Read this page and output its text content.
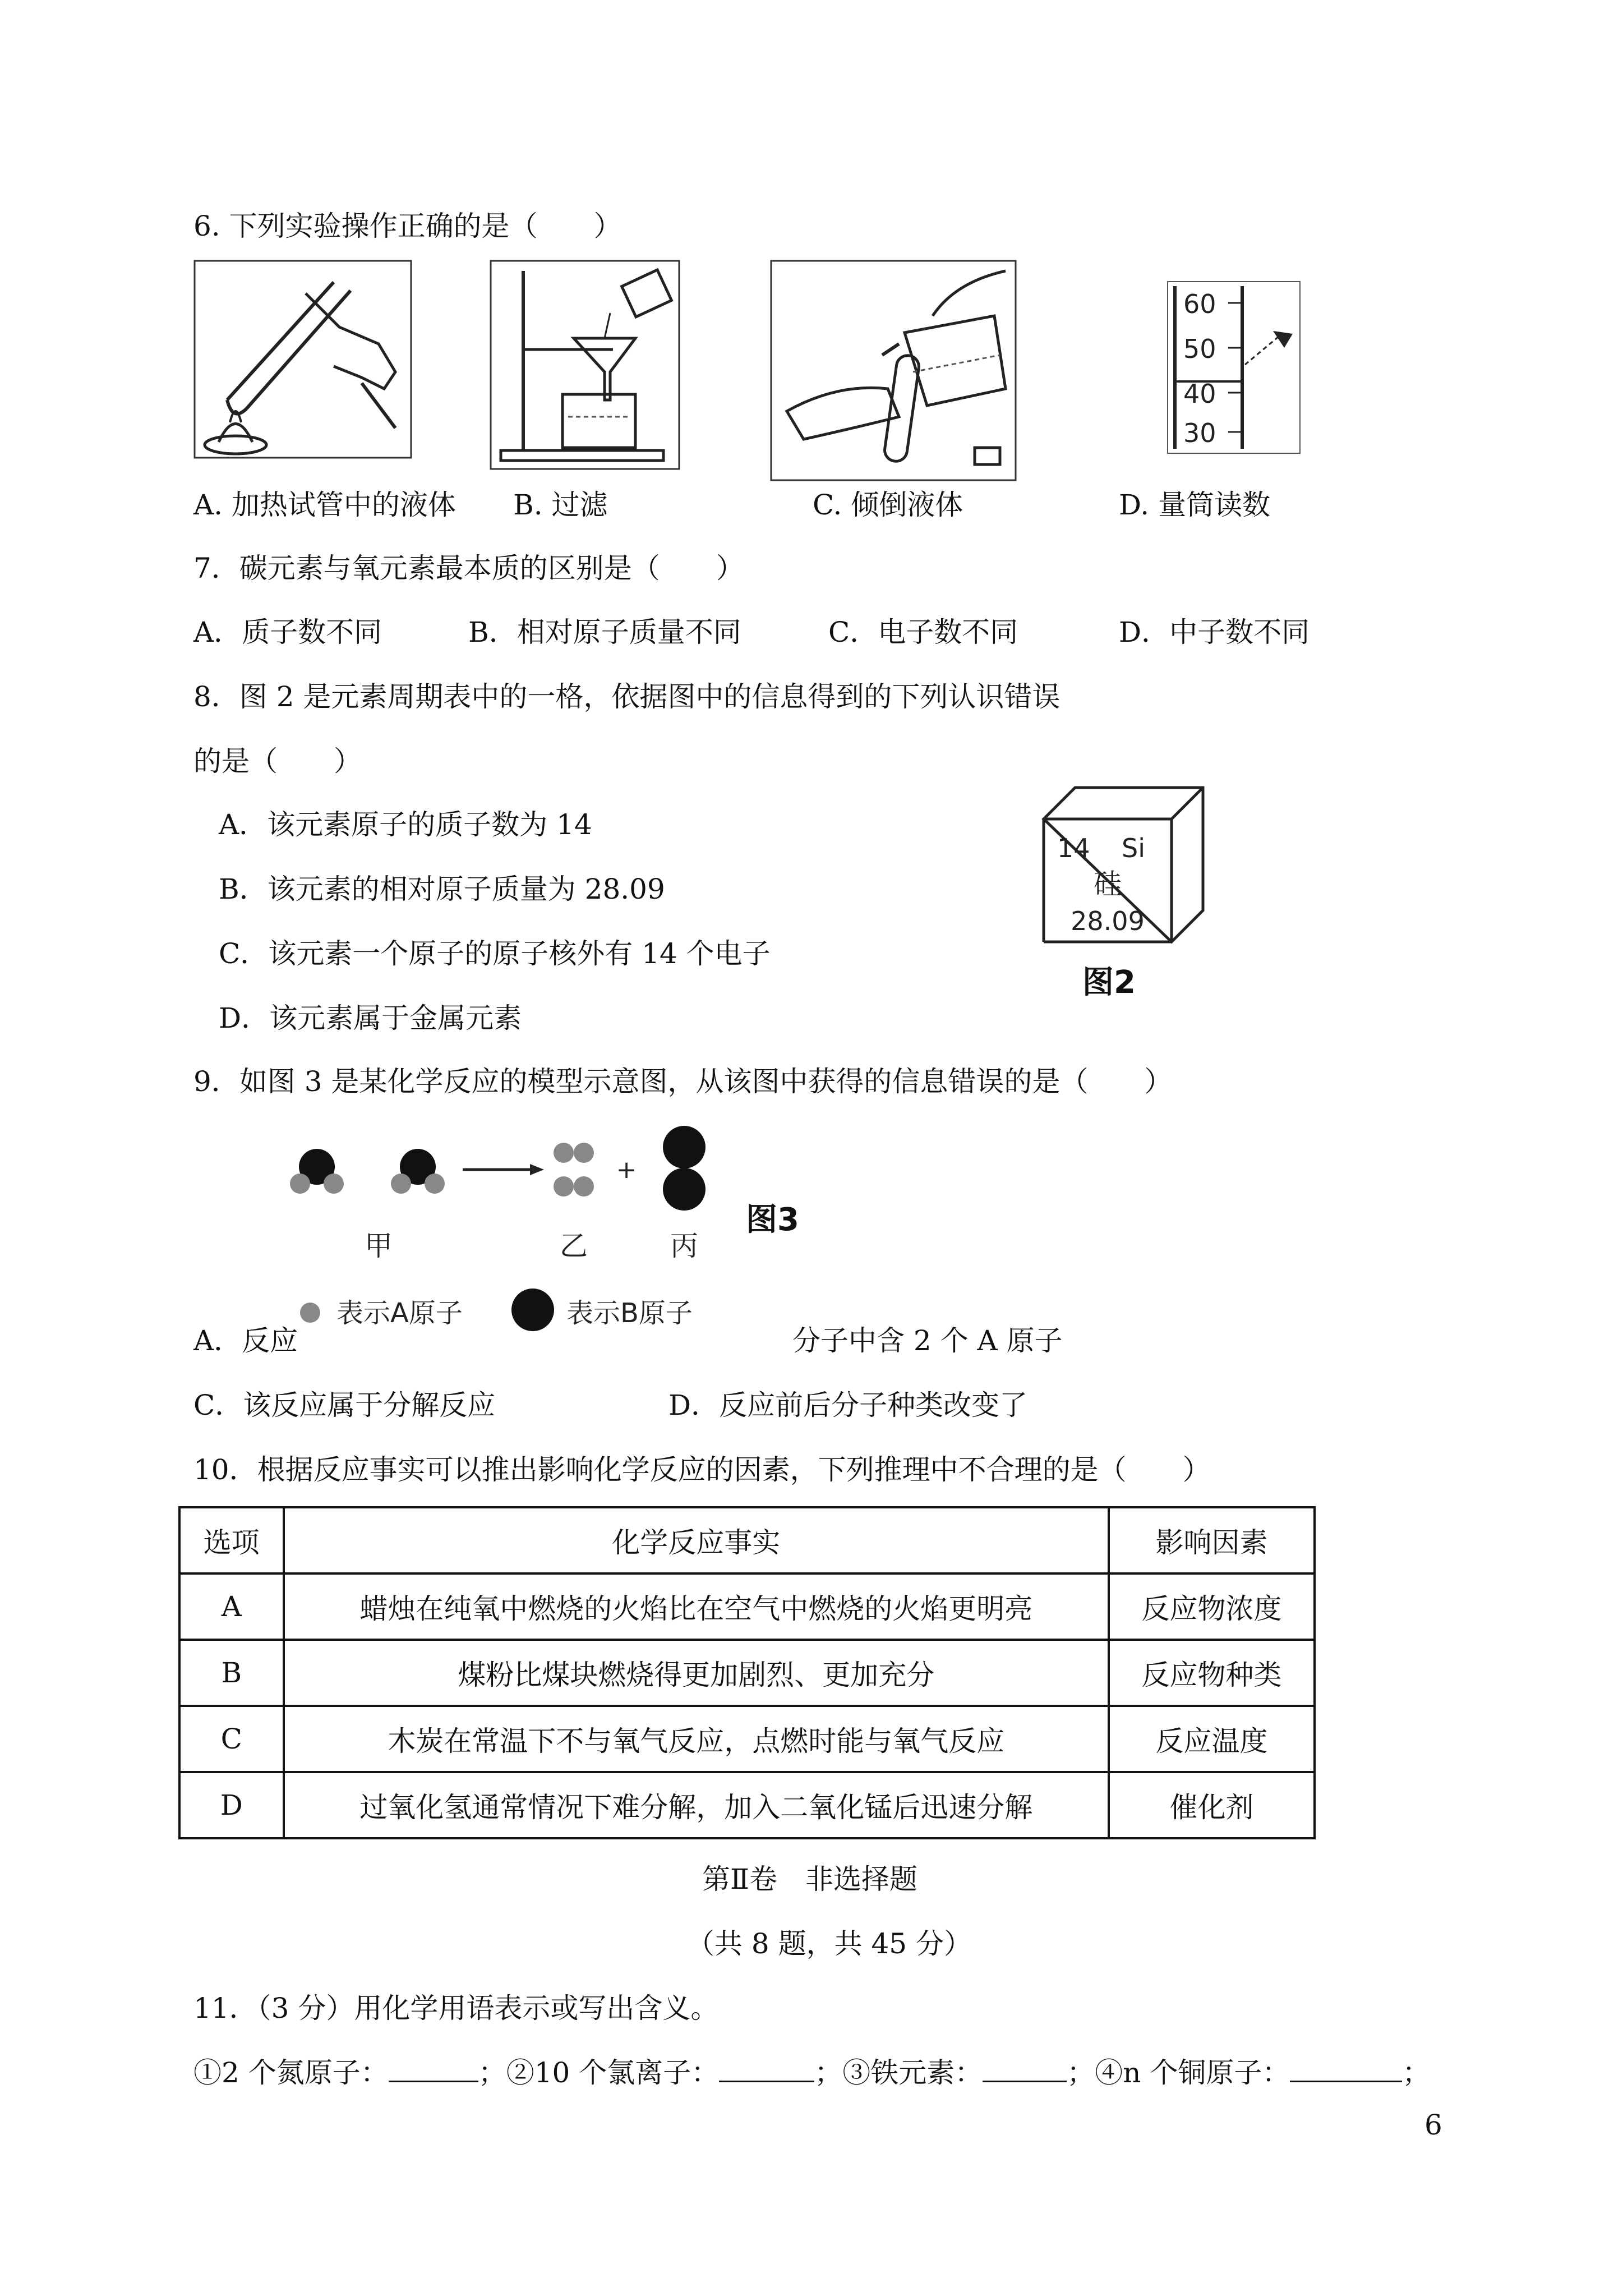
6. 下列实验操作正确的是（　　）
60
50
40
30
A. 加热试管中的液体 B. 过滤	C. 倾倒液体	D. 量筒读数
7．碳元素与氧元素最本质的区别是（　　）
A．质子数不同	B．相对原子质量不同	C．电子数不同	D．中子数不同
8．图 2 是元素周期表中的一格，依据图中的信息得到的下列认识错误
的是（　　）
A．该元素原子的质子数为 14
B．该元素的相对原子质量为 28.09
C．该元素一个原子的原子核外有 14 个电子
D．该元素属于金属元素
14 Si
硅
28.09
图2
9．如图 3 是某化学反应的模型示意图，从该图中获得的信息错误的是（　　）
+
甲	乙	丙
表示A原子	表示B原子
图3
A．反应	分子中含 2 个 A 原子
C．该反应属于分解反应	D．反应前后分子种类改变了
10．根据反应事实可以推出影响化学反应的因素，下列推理中不合理的是（　　）
选项	化学反应事实	影响因素
A	蜡烛在纯氧中燃烧的火焰比在空气中燃烧的火焰更明亮	反应物浓度
B	煤粉比煤块燃烧得更加剧烈、更加充分	反应物种类
C	木炭在常温下不与氧气反应，点燃时能与氧气反应	反应温度
D	过氧化氢通常情况下难分解，加入二氧化锰后迅速分解	催化剂
第Ⅱ卷　非选择题
（共 8 题，共 45 分）
11．（3 分）用化学用语表示或写出含义。
①2 个氮原子：	；②10 个氯离子：	；③铁元素：	；④n 个铜原子：	；
6
